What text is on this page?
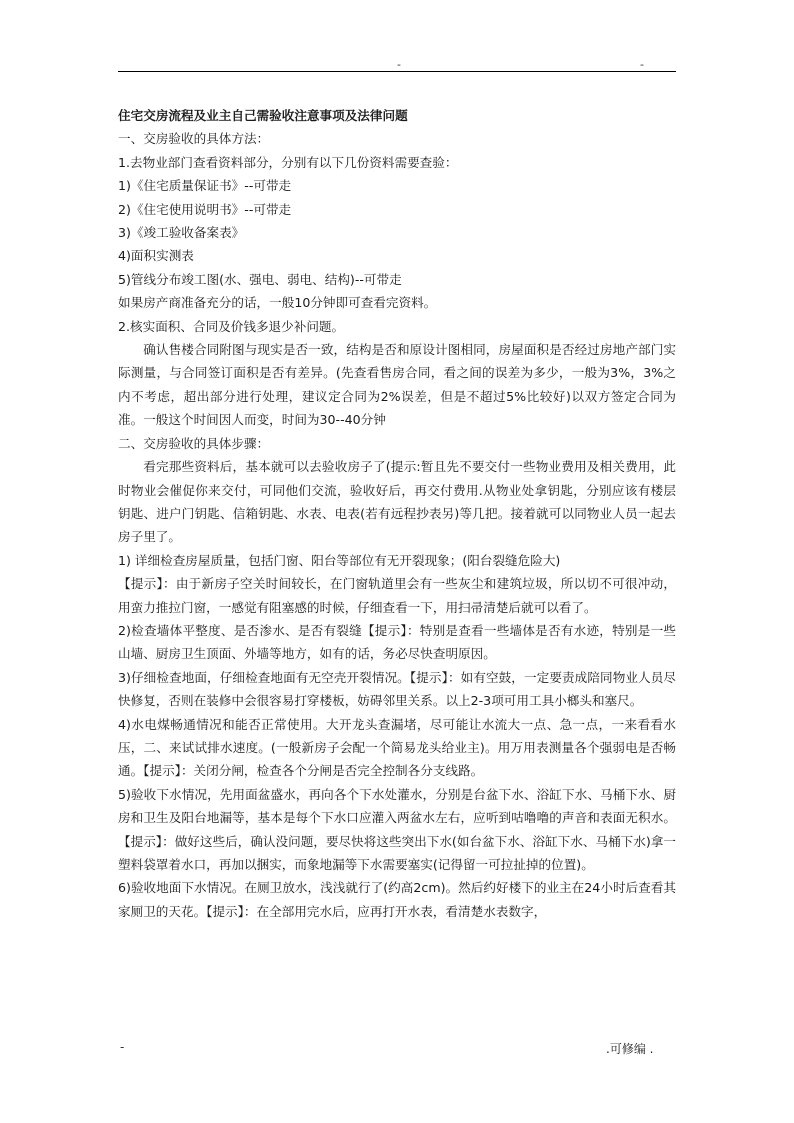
-	-

住宅交房流程及业主自己需验收注意事项及法律问题

一、交房验收的具体方法：

1.去物业部门查看资料部分，分别有以下几份资料需要查验：

1)《住宅质量保证书》--可带走

2)《住宅使用说明书》--可带走

3)《竣工验收备案表》

4)面积实测表

5)管线分布竣工图(水、强电、弱电、结构)--可带走

如果房产商准备充分的话，一般10分钟即可查看完资料。

2.核实面积、合同及价钱多退少补问题。

确认售楼合同附图与现实是否一致，结构是否和原设计图相同，房屋面积是否经过房地产部门实际测量，与合同签订面积是否有差异。(先查看售房合同，看之间的误差为多少，一般为3%，3%之内不考虑，超出部分进行处理，建议定合同为2%误差，但是不超过5%比较好)以双方签定合同为准。一般这个时间因人而变，时间为30--40分钟

二、交房验收的具体步骤：

看完那些资料后，基本就可以去验收房子了(提示:暂且先不要交付一些物业费用及相关费用，此时物业会催促你来交付，可同他们交流，验收好后，再交付费用.从物业处拿钥匙，分别应该有楼层钥匙、进户门钥匙、信箱钥匙、水表、电表(若有远程抄表另)等几把。接着就可以同物业人员一起去房子里了。

1) 详细检查房屋质量，包括门窗、阳台等部位有无开裂现象；(阳台裂缝危险大)

【提示】：由于新房子空关时间较长，在门窗轨道里会有一些灰尘和建筑垃圾，所以切不可很冲动，用蛮力推拉门窗，一感觉有阻塞感的时候，仔细查看一下，用扫帚清楚后就可以看了。

2)检查墙体平整度、是否渗水、是否有裂缝【提示】：特别是查看一些墙体是否有水迹，特别是一些山墙、厨房卫生顶面、外墙等地方，如有的话，务必尽快查明原因。

3)仔细检查地面，仔细检查地面有无空壳开裂情况。【提示】：如有空鼓，一定要责成陪同物业人员尽快修复，否则在装修中会很容易打穿楼板，妨碍邻里关系。以上2-3项可用工具小榔头和塞尺。

4)水电煤畅通情况和能否正常使用。大开龙头查漏堵，尽可能让水流大一点、急一点，一来看看水压，二、来试试排水速度。(一般新房子会配一个简易龙头给业主)。用万用表测量各个强弱电是否畅通。【提示】：关闭分闸，检查各个分闸是否完全控制各分支线路。

5)验收下水情况，先用面盆盛水，再向各个下水处灌水，分别是台盆下水、浴缸下水、马桶下水、厨房和卫生及阳台地漏等，基本是每个下水口应灌入两盆水左右，应听到咕噜噜的声音和表面无积水。【提示】：做好这些后，确认没问题，要尽快将这些突出下水(如台盆下水、浴缸下水、马桶下水)拿一塑料袋罩着水口，再加以捆实，而象地漏等下水需要塞实(记得留一可拉扯掉的位置)。

6)验收地面下水情况。在厕卫放水，浅浅就行了(约高2cm)。然后约好楼下的业主在24小时后查看其家厕卫的天花。【提示】：在全部用完水后，应再打开水表，看清楚水表数字，

-	.可修编 .
